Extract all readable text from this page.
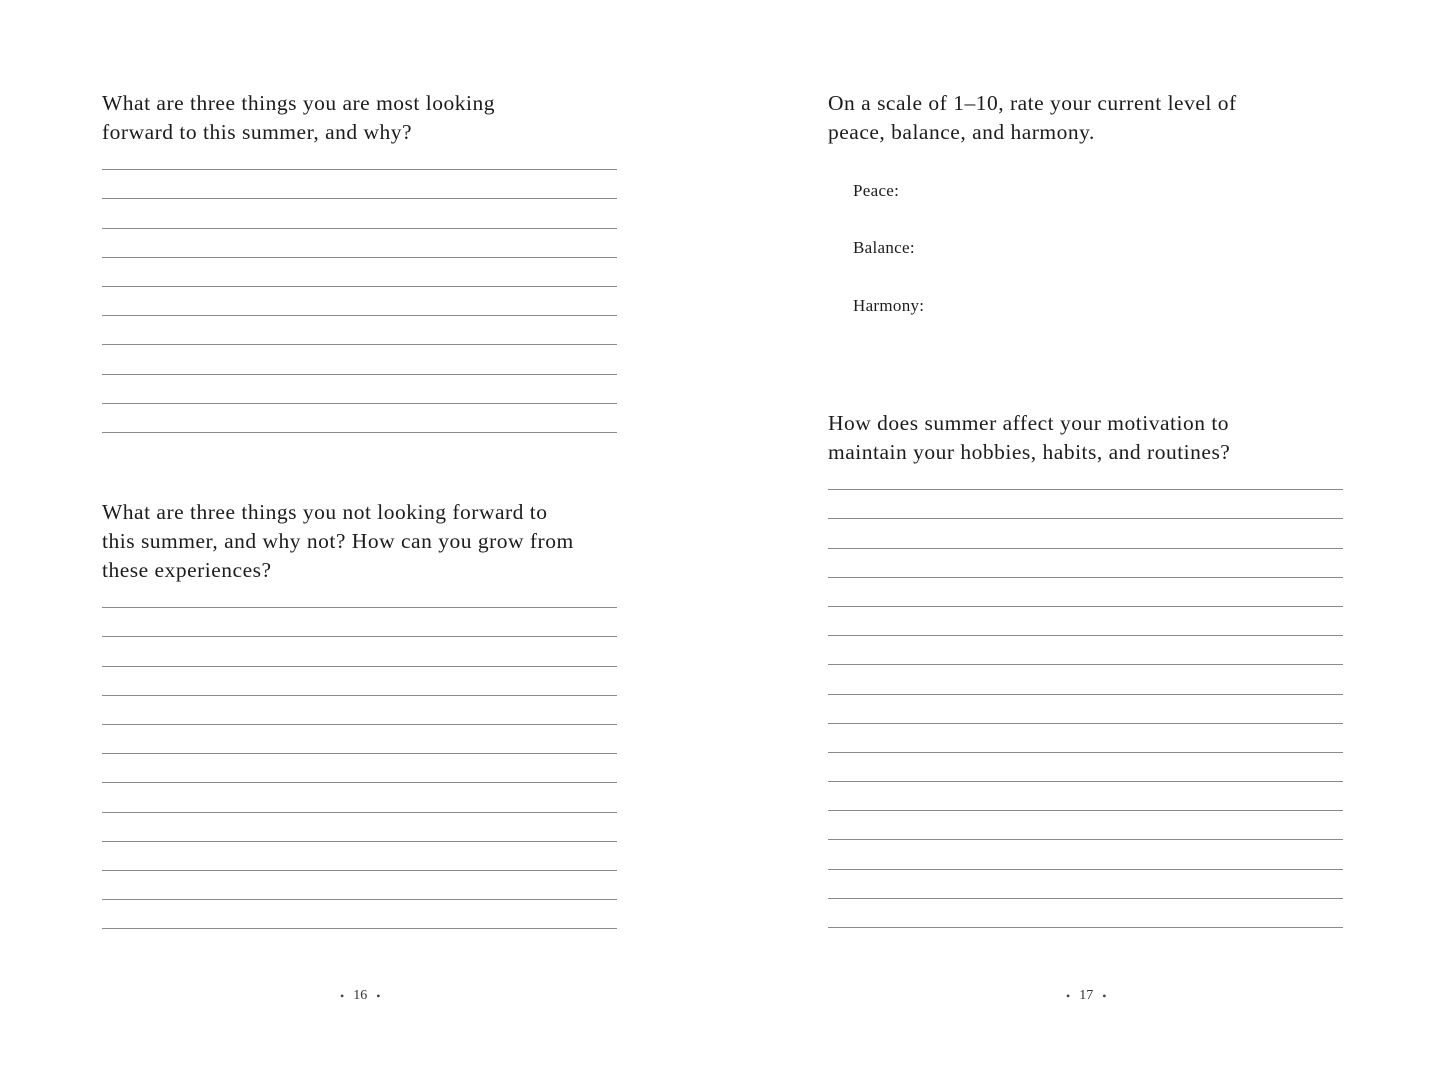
What are three things you are most looking
forward to this summer, and why?
What are three things you not looking forward to
this summer, and why not? How can you grow from
these experiences?
• 16 •
On a scale of 1–10, rate your current level of
peace, balance, and harmony.
Peace:
Balance:
Harmony:
How does summer affect your motivation to
maintain your hobbies, habits, and routines?
• 17 •
